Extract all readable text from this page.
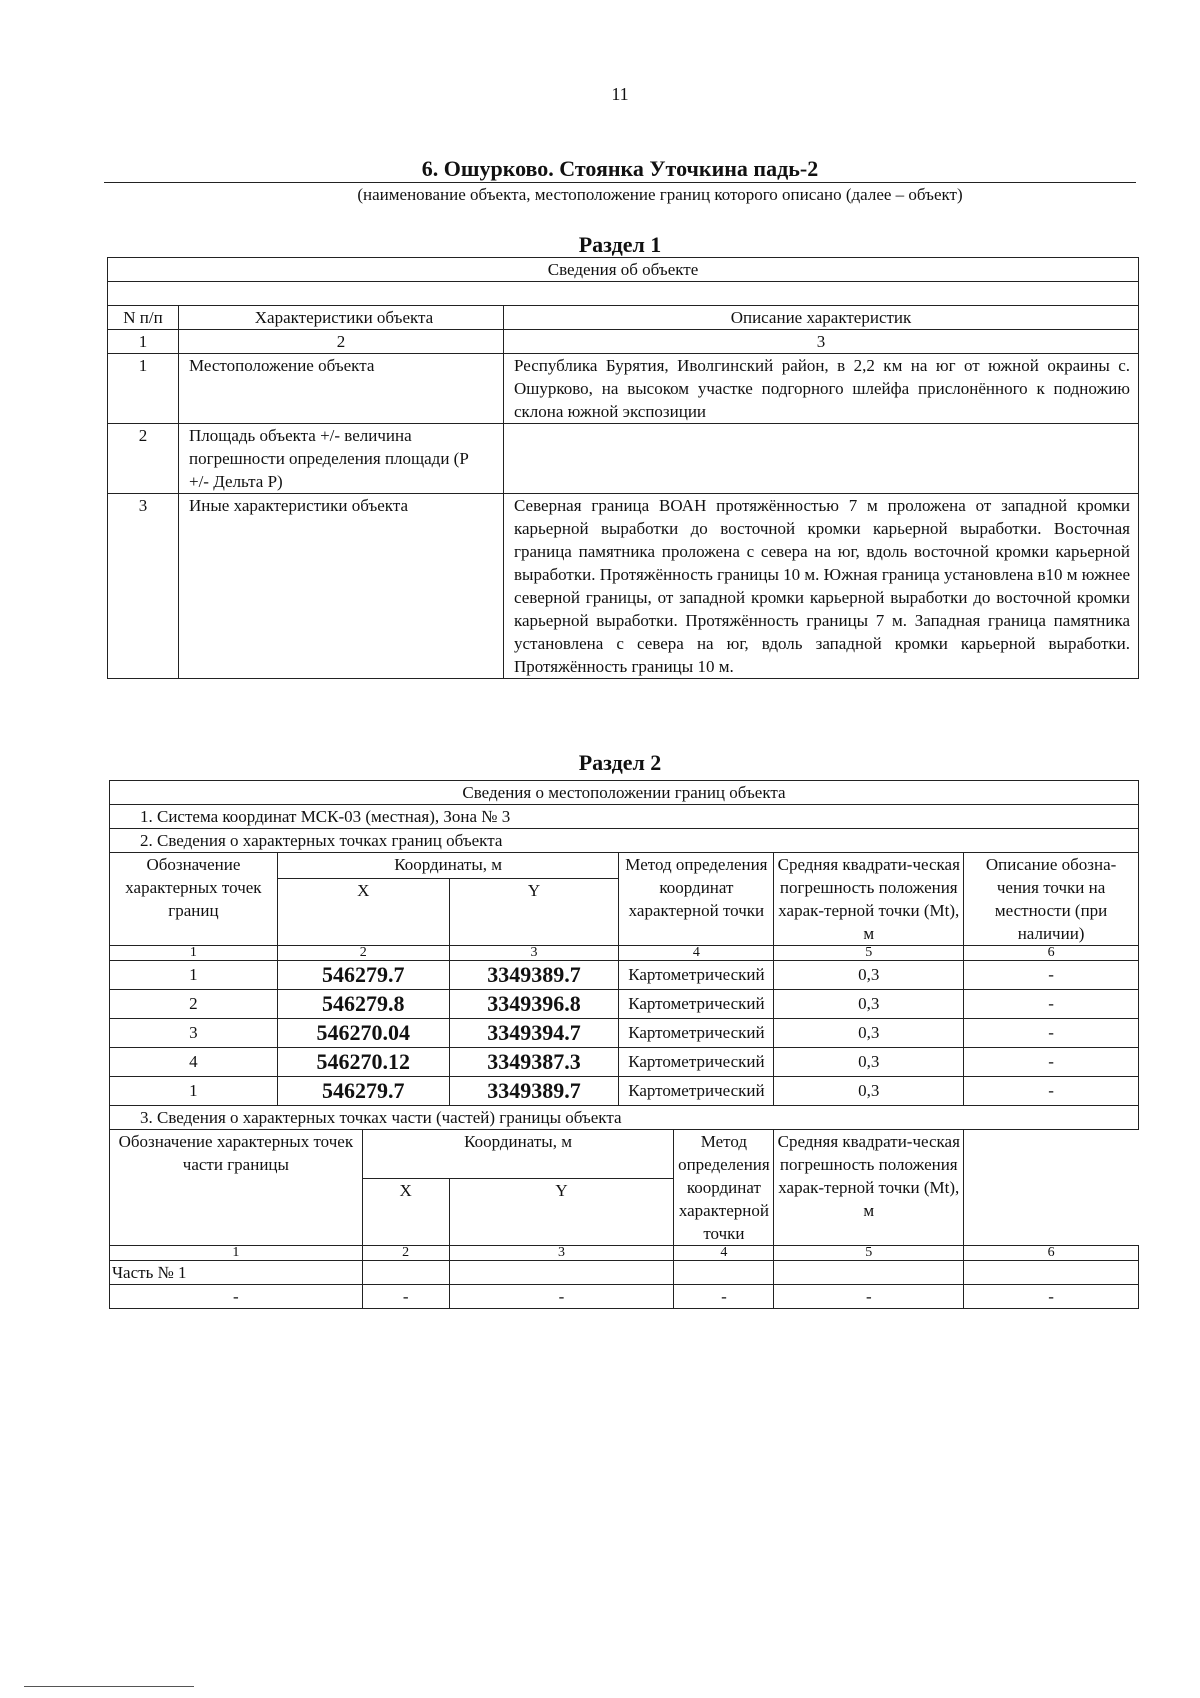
11
6. Ошурково. Стоянка Уточкина падь-2
(наименование объекта, местоположение границ которого описано (далее – объект)
Раздел 1
Сведения об объекте		

N п/п	Характеристики объекта	Описание характеристик
1	2	3
1	Местоположение объекта	Республика Бурятия, Иволгинский район, в 2,2 км на юг от южной окраины с. Ошурково, на высоком участке подгорного шлейфа прислонённого к подножию склона южной экспозиции
2	Площадь объекта +/- величина погрешности определения площади (Р +/- Дельта Р)	
3	Иные характеристики объекта	Северная граница ВОАН протяжённостью 7 м проложена от западной кромки карьерной выработки до восточной кромки карьерной выработки. Восточная граница памятника проложена с севера на юг, вдоль восточной кромки карьерной выработки. Протяжённость границы 10 м. Южная граница установлена в10 м южнее северной границы, от западной кромки карьерной выработки до восточной кромки карьерной выработки. Протяжённость границы 7 м. Западная граница памятника установлена с севера на юг, вдоль западной кромки карьерной выработки. Протяжённость границы 10 м.
Раздел 2
Сведения о местоположении границ объекта							
1. Система координат МСК-03 (местная), Зона № 3							
2. Сведения о характерных точках границ объекта							
Обозначение характерных точек границ	Координаты, м			Метод определения координат характерной точки		Средняя квадрати-ческая погрешность положения харак-терной точки (Mt), м	Описание обозна-чения точки на местности (при наличии)
	X		Y				
1	2		3	4		5	6
1	546279.7		3349389.7	Картометрический		0,3	-
2	546279.8		3349396.8	Картометрический		0,3	-
3	546270.04		3349394.7	Картометрический		0,3	-
4	546270.12		3349387.3	Картометрический		0,3	-
1	546279.7		3349389.7	Картометрический		0,3	-
3. Сведения о характерных точках части (частей) границы объекта							
Обозначение характерных точек части границы		Координаты, м			Метод определения координат характерной точки	Средняя квадрати-ческая погрешность положения харак-терной точки (Mt), м	
		X	Y				
1		2	3		4	5	6
Часть № 1							
-		-	-		-	-	-
